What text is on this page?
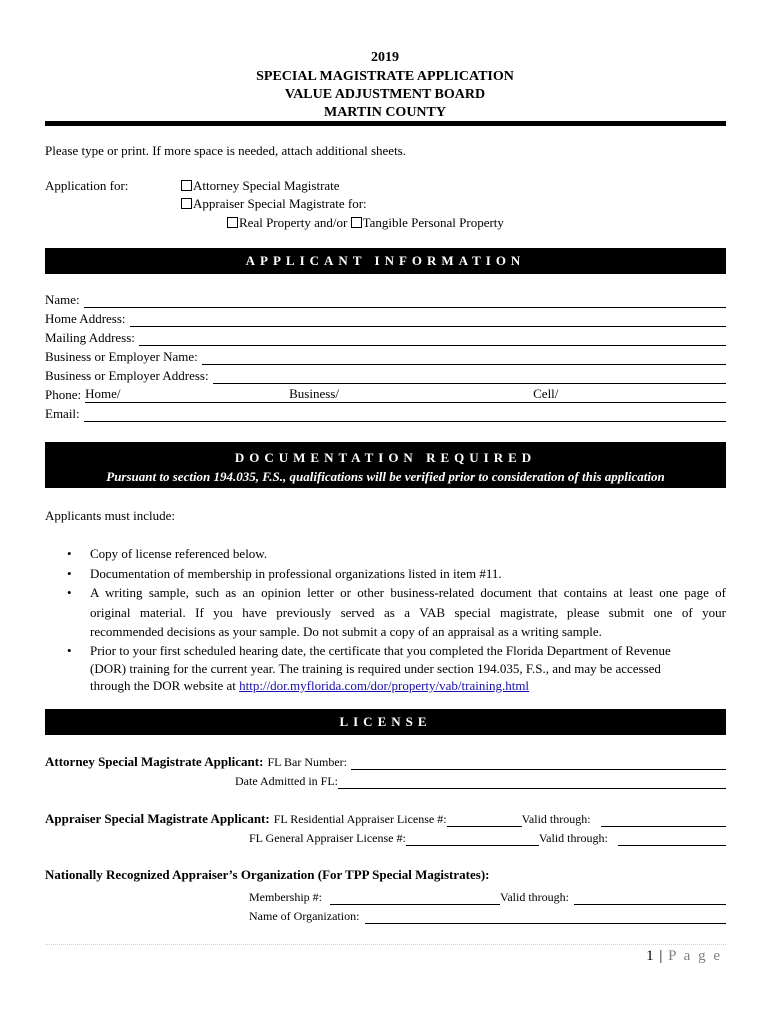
2019
SPECIAL MAGISTRATE APPLICATION
VALUE ADJUSTMENT BOARD
MARTIN COUNTY
Please type or print. If more space is needed, attach additional sheets.
Application for:	Attorney Special Magistrate
Appraiser Special Magistrate for:
Real Property and/or Tangible Personal Property
APPLICANT INFORMATION
Name:
Home Address:
Mailing Address:
Business or Employer Name:
Business or Employer Address:
Phone: Home/	Business/	Cell/
Email:
DOCUMENTATION REQUIRED
Pursuant to section 194.035, F.S., qualifications will be verified prior to consideration of this application
Applicants must include:
• Copy of license referenced below.
• Documentation of membership in professional organizations listed in item #11.
• A writing sample, such as an opinion letter or other business-related document that contains at least one page of
original material. If you have previously served as a VAB special magistrate, please submit one of your
recommended decisions as your sample. Do not submit a copy of an appraisal as a writing sample.
• Prior to your first scheduled hearing date, the certificate that you completed the Florida Department of Revenue
(DOR) training for the current year. The training is required under section 194.035, F.S., and may be accessed
through the DOR website at http://dor.myflorida.com/dor/property/vab/training.html
LICENSE
Attorney Special Magistrate Applicant: FL Bar Number:
Date Admitted in FL:
Appraiser Special Magistrate Applicant: FL Residential Appraiser License #:	Valid through:
FL General Appraiser License #:	Valid through:
Nationally Recognized Appraiser’s Organization (For TPP Special Magistrates):
Membership #:	Valid through:
Name of Organization:
1 | P a g e
